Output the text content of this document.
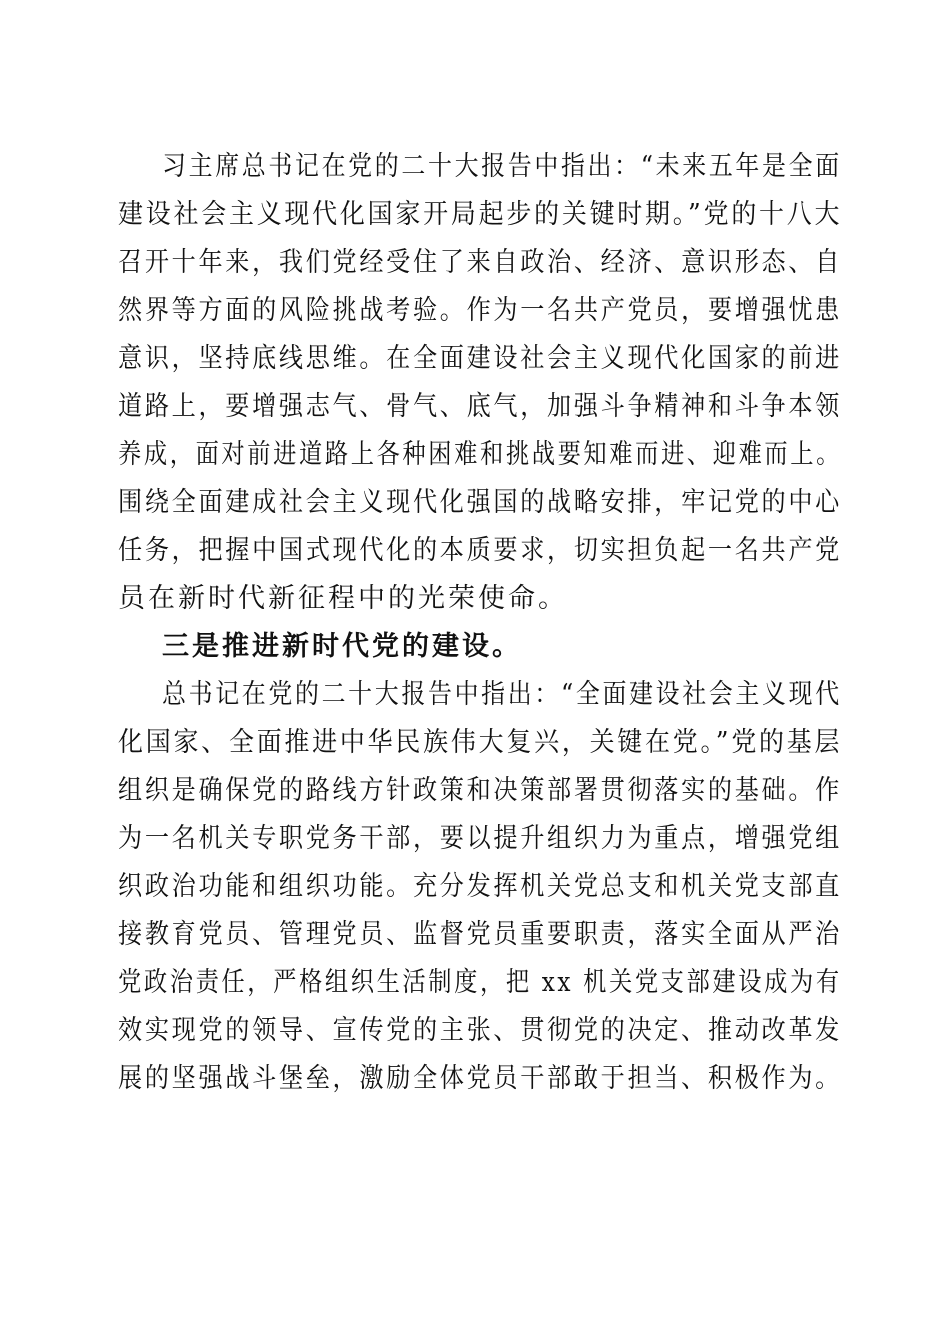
习主席总书记在党的二十大报告中指出：“未来五年是全面
建设社会主义现代化国家开局起步的关键时期。”党的十八大
召开十年来，我们党经受住了来自政治、经济、意识形态、自
然界等方面的风险挑战考验。作为一名共产党员，要增强忧患
意识，坚持底线思维。在全面建设社会主义现代化国家的前进
道路上，要增强志气、骨气、底气，加强斗争精神和斗争本领
养成，面对前进道路上各种困难和挑战要知难而进、迎难而上。
围绕全面建成社会主义现代化强国的战略安排，牢记党的中心
任务，把握中国式现代化的本质要求，切实担负起一名共产党
员在新时代新征程中的光荣使命。
三是推进新时代党的建设。
总书记在党的二十大报告中指出：“全面建设社会主义现代
化国家、全面推进中华民族伟大复兴，关键在党。”党的基层
组织是确保党的路线方针政策和决策部署贯彻落实的基础。作
为一名机关专职党务干部，要以提升组织力为重点，增强党组
织政治功能和组织功能。充分发挥机关党总支和机关党支部直
接教育党员、管理党员、监督党员重要职责，落实全面从严治
党政治责任，严格组织生活制度，把 xx 机关党支部建设成为有
效实现党的领导、宣传党的主张、贯彻党的决定、推动改革发
展的坚强战斗堡垒，激励全体党员干部敢于担当、积极作为。
